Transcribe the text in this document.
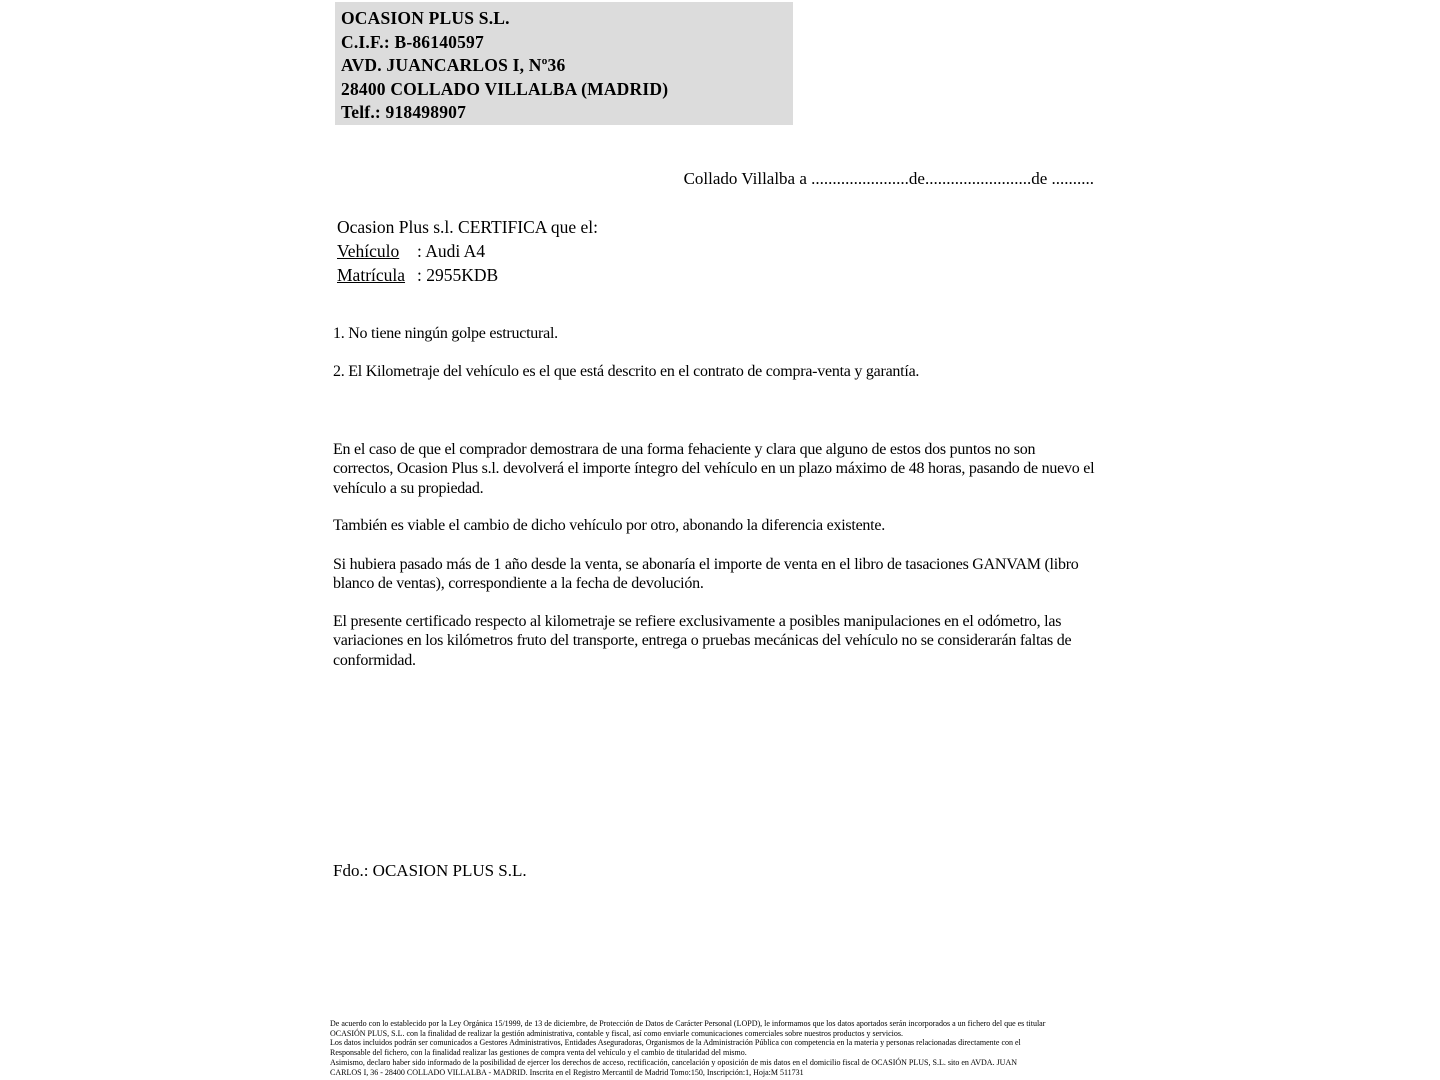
OCASION PLUS S.L.
C.I.F.: B-86140597
AVD. JUANCARLOS I, Nº36
28400 COLLADO VILLALBA (MADRID)
Telf.: 918498907
Collado Villalba a .......................de.........................de ..........
Ocasion Plus s.l. CERTIFICA que el:
Vehículo : Audi A4
Matrícula : 2955KDB
1. No tiene ningún golpe estructural.
2. El Kilometraje del vehículo es el que está descrito en el contrato de compra-venta y garantía.
En el caso de que el comprador demostrara de una forma fehaciente y clara que alguno de estos dos puntos no son correctos, Ocasion Plus s.l. devolverá el importe íntegro del vehículo en un plazo máximo de 48 horas, pasando de nuevo el vehículo a su propiedad.
También es viable el cambio de dicho vehículo por otro, abonando la diferencia existente.
Si hubiera pasado más de 1 año desde la venta, se abonaría el importe de venta en el libro de tasaciones GANVAM (libro blanco de ventas), correspondiente a la fecha de devolución.
El presente certificado respecto al kilometraje se refiere exclusivamente a posibles manipulaciones en el odómetro, las variaciones en los kilómetros fruto del transporte, entrega o pruebas mecánicas del vehículo no se considerarán faltas de conformidad.
Fdo.: OCASION PLUS S.L.
De acuerdo con lo establecido por la Ley Orgánica 15/1999, de 13 de diciembre, de Protección de Datos de Carácter Personal (LOPD), le informamos que los datos aportados serán incorporados a un fichero del que es titular
OCASIÓN PLUS, S.L. con la finalidad de realizar la gestión administrativa, contable y fiscal, así como enviarle comunicaciones comerciales sobre nuestros productos y servicios.
Los datos incluidos podrán ser comunicados a Gestores Administrativos, Entidades Aseguradoras, Organismos de la Administración Pública con competencia en la materia y personas relacionadas directamente con el
Responsable del fichero, con la finalidad realizar las gestiones de compra venta del vehículo y el cambio de titularidad del mismo.
Asimismo, declaro haber sido informado de la posibilidad de ejercer los derechos de acceso, rectificación, cancelación y oposición de mis datos en el domicilio fiscal de OCASIÓN PLUS, S.L. sito en AVDA. JUAN
CARLOS I, 36 - 28400 COLLADO VILLALBA - MADRID. Inscrita en el Registro Mercantil de Madrid Tomo:150, Inscripción:1, Hoja:M 511731
